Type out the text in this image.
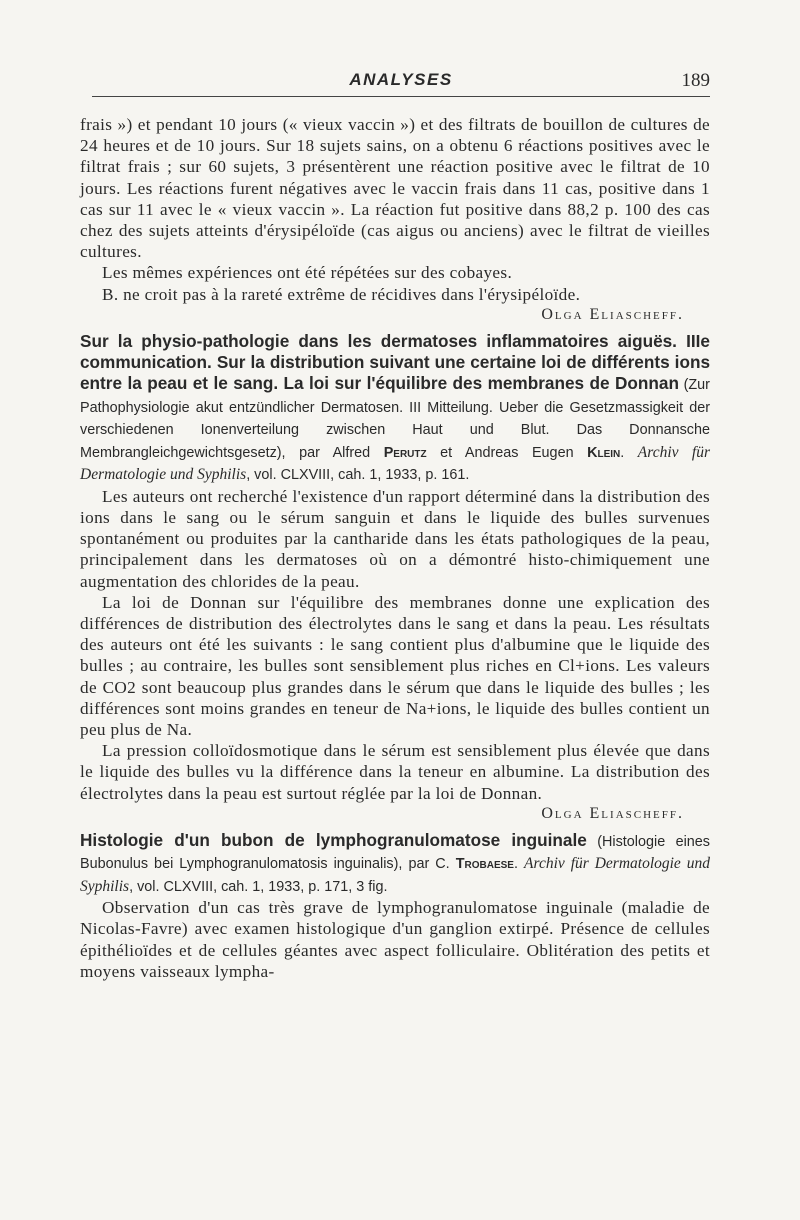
ANALYSES	189

frais ») et pendant 10 jours (« vieux vaccin ») et des filtrats de bouillon de cultures de 24 heures et de 10 jours. Sur 18 sujets sains, on a obtenu 6 réactions positives avec le filtrat frais ; sur 60 sujets, 3 présentèrent une réaction positive avec le filtrat de 10 jours. Les réactions furent négatives avec le vaccin frais dans 11 cas, positive dans 1 cas sur 11 avec le « vieux vaccin ». La réaction fut positive dans 88,2 p. 100 des cas chez des sujets atteints d'érysipéloïde (cas aigus ou anciens) avec le filtrat de vieilles cultures.

Les mêmes expériences ont été répétées sur des cobayes.

B. ne croit pas à la rareté extrême de récidives dans l'érysipéloïde.

Olga Eliascheff.
Sur la physio-pathologie dans les dermatoses inflammatoires aiguës. IIIe communication. Sur la distribution suivant une certaine loi de différents ions entre la peau et le sang. La loi sur l'équilibre des membranes de Donnan (Zur Pathophysiologie akut entzündlicher Dermatosen. III Mitteilung. Ueber die Gesetzmassigkeit der verschiedenen Ionenverteilung zwischen Haut und Blut. Das Donnansche Membrangleichgewichtsgesetz), par Alfred Perutz et Andreas Eugen Klein. Archiv für Dermatologie und Syphilis, vol. CLXVIII, cah. 1, 1933, p. 161.

Les auteurs ont recherché l'existence d'un rapport déterminé dans la distribution des ions dans le sang ou le sérum sanguin et dans le liquide des bulles survenues spontanément ou produites par la cantharide dans les états pathologiques de la peau, principalement dans les dermatoses où on a démontré histo-chimiquement une augmentation des chlorides de la peau.

La loi de Donnan sur l'équilibre des membranes donne une explication des différences de distribution des électrolytes dans le sang et dans la peau. Les résultats des auteurs ont été les suivants : le sang contient plus d'albumine que le liquide des bulles ; au contraire, les bulles sont sensiblement plus riches en Cl+ions. Les valeurs de CO2 sont beaucoup plus grandes dans le sérum que dans le liquide des bulles ; les différences sont moins grandes en teneur de Na+ions, le liquide des bulles contient un peu plus de Na.

La pression colloïdosmotique dans le sérum est sensiblement plus élevée que dans le liquide des bulles vu la différence dans la teneur en albumine. La distribution des électrolytes dans la peau est surtout réglée par la loi de Donnan.

Olga Eliascheff.
Histologie d'un bubon de lymphogranulomatose inguinale (Histologie eines Bubonulus bei Lymphogranulomatosis inguinalis), par C. Trobaese. Archiv für Dermatologie und Syphilis, vol. CLXVIII, cah. 1, 1933, p. 171, 3 fig.

Observation d'un cas très grave de lymphogranulomatose inguinale (maladie de Nicolas-Favre) avec examen histologique d'un ganglion extirpé. Présence de cellules épithélioïdes et de cellules géantes avec aspect folliculaire. Oblitération des petits et moyens vaisseaux lympha-
